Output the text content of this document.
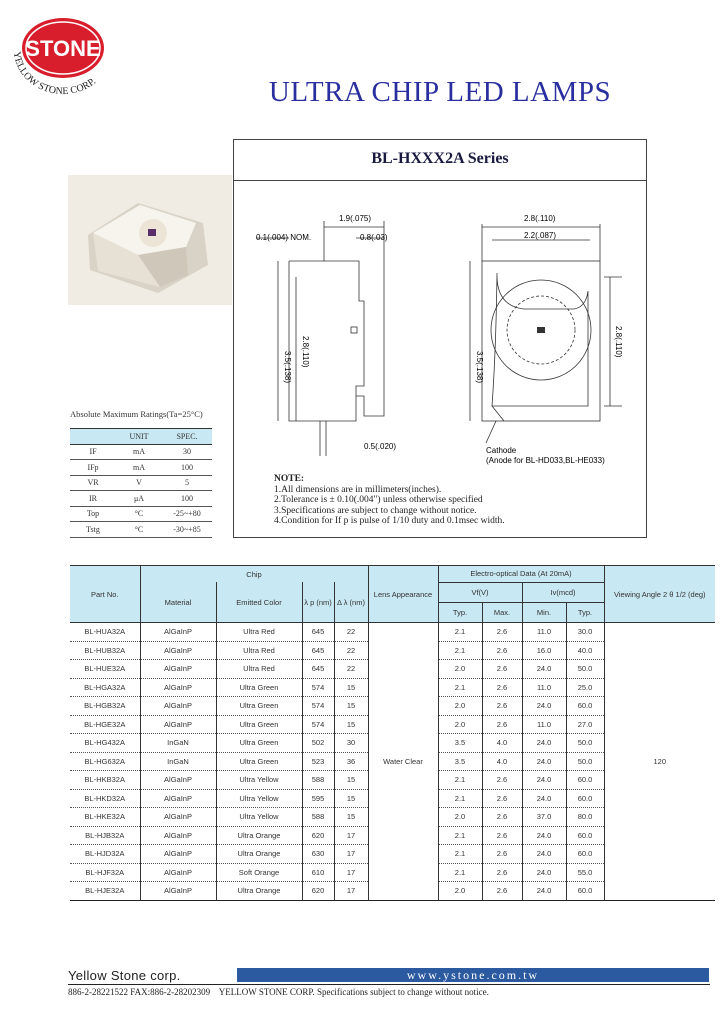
STONE
YELLOW STONE CORP.	ULTRA CHIP LED LAMPS
BL-HXXX2A Series
1.9(.075)
0.1(.004) NOM.	0.8(.03)
2.8(.110)
2.2(.087)
3.5(.138) 2.8(.110)	3.5(.138)
2.8(.110)
0.5(.020)	Cathode
(Anode for BL-HD033,BL-HE033)
NOTE:
1.All dimensions are in millimeters(inches).
2.Tolerance is ± 0.10(.004") unless otherwise specified
3.Specifications are subject to change without notice.
4.Condition for If p is pulse of 1/10 duty and 0.1msec width.
Absolute Maximum Ratings(Ta=25°C)
	UNIT	SPEC.
IF	mA	30
IFp	mA	100
VR	V	5
IR	μA	100
Top	°C	-25~+80
Tstg	°C	-30~+85
Part No.	Chip				Lens Appearance	Electro-optical Data (At 20mA)				Viewing Angle 2 θ 1/2 (deg)
	Material	Emitted Color	λ p (nm)	Δ λ (nm)		Vf(V)		Iv(mcd)		
						Typ.	Max.	Min.	Typ.	
BL-HUA32A	AlGaInP	Ultra Red	645	22	Water Clear	2.1	2.6	11.0	30.0	120
BL-HUB32A	AlGaInP	Ultra Red	645	22		2.1	2.6	16.0	40.0	
BL-HUE32A	AlGaInP	Ultra Red	645	22		2.0	2.6	24.0	50.0	
BL-HGA32A	AlGaInP	Ultra Green	574	15		2.1	2.6	11.0	25.0	
BL-HGB32A	AlGaInP	Ultra Green	574	15		2.0	2.6	24.0	60.0	
BL-HGE32A	AlGaInP	Ultra Green	574	15		2.0	2.6	11.0	27.0	
BL-HG432A	InGaN	Ultra Green	502	30		3.5	4.0	24.0	50.0	
BL-HG632A	InGaN	Ultra Green	523	36		3.5	4.0	24.0	50.0	
BL-HKB32A	AlGaInP	Ultra Yellow	588	15		2.1	2.6	24.0	60.0	
BL-HKD32A	AlGaInP	Ultra Yellow	595	15		2.1	2.6	24.0	60.0	
BL-HKE32A	AlGaInP	Ultra Yellow	588	15		2.0	2.6	37.0	80.0	
BL-HJB32A	AlGaInP	Ultra Orange	620	17		2.1	2.6	24.0	60.0	
BL-HJD32A	AlGaInP	Ultra Orange	630	17		2.1	2.6	24.0	60.0	
BL-HJF32A	AlGaInP	Soft Orange	610	17		2.1	2.6	24.0	55.0	
BL-HJE32A	AlGaInP	Ultra Orange	620	17		2.0	2.6	24.0	60.0	
Yellow Stone corp.	www.ystone.com.tw
886-2-28221522 FAX:886-2-28202309 YELLOW STONE CORP. Specifications subject to change without notice.
